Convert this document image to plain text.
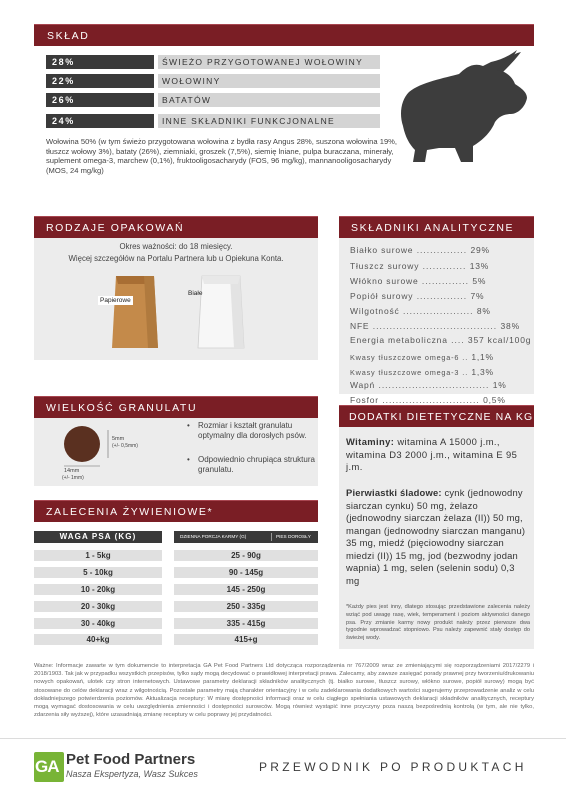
SKŁAD
28%	ŚWIEŻO PRZYGOTOWANEJ WOŁOWINY
22%	WOŁOWINY
26%	BATATÓW
24%	INNE SKŁADNIKI FUNKCJONALNE
Wołowina 50% (w tym świeżo przygotowana wołowina z bydła rasy Angus 28%, suszona wołowina 19%, tłuszcz wołowy 3%), bataty (26%), ziemniaki, groszek (7,5%), siemię lniane, pulpa buraczana, minerały, suplement omega-3, marchew (0,1%), fruktooligosacharydy (FOS, 96 mg/kg), mannanooligosacharydy (MOS, 24 mg/kg)
RODZAJE OPAKOWAŃ
Okres ważności: do 18 miesięcy.
Więcej szczegółów na Portalu Partnera lub u Opiekuna Konta.
Papierowe
Białe
WIELKOŚĆ GRANULATU
5mm
(+/- 0,5mm)
14mm
(+/- 1mm)
• Rozmiar i kształt granulatu optymalny dla dorosłych psów.
• Odpowiednio chrupiąca struktura granulatu.
ZALECENIA ŻYWIENIOWE*
WAGA PSA (KG)	DZIENNA PORCJA KARMY (G)	PIES DOROSŁY
1 - 5kg	25 - 90g
5 - 10kg	90 - 145g
10 - 20kg	145 - 250g
20 - 30kg	250 - 335g
30 - 40kg	335 - 415g
40+kg	415+g
SKŁADNIKI ANALITYCZNE
Białko surowe ............... 29%
Tłuszcz surowy ............. 13%
Włókno surowe .............. 5%
Popiół surowy ............... 7%
Wilgotność ..................... 8%
NFE ..................................... 38%
Energia metaboliczna .... 357 kcal/100g
Kwasy tłuszczowe omega-6 .. 1,1%
Kwasy tłuszczowe omega-3 .. 1,3%
Wapń ................................. 1%
Fosfor ............................. 0,5%
DODATKI DIETETYCZNE NA KG:
Witaminy: witamina A 15000 j.m., witamina D3 2000 j.m., witamina E 95 j.m.
Pierwiastki śladowe: cynk (jednowodny siarczan cynku) 50 mg, żelazo (jednowodny siarczan żelaza (II)) 50 mg, mangan (jednowodny siarczan manganu) 35 mg, miedź (pięciowodny siarczan miedzi (II)) 15 mg, jod (bezwodny jodan wapnia) 1 mg, selen (selenin sodu) 0,3 mg
*Każdy pies jest inny, dlatego stosując przedstawione zalecenia należy wziąć pod uwagę rasę, wiek, temperament i poziom aktywności danego psa. Przy zmianie karmy nowy produkt należy przez pierwsze dwa tygodnie wprowadzać stopniowo. Psu należy zapewnić stały dostęp do świeżej wody.
Ważne: Informacje zawarte w tym dokumencie to interpretacja GA Pet Food Partners Ltd dotycząca rozporządzenia nr 767/2009 wraz ze zmieniającymi się rozporządzeniami 2017/2279 i 2018/1903. Tak jak w przypadku wszystkich przepisów, tylko sądy mogą decydować o prawidłowej interpretacji prawa. Zalecamy, aby zawsze zasięgać porady prawnej przy tworzeniu/drukowaniu nowych opakowań, ulotek czy stron internetowych. Ustawowe parametry deklaracji składników analitycznych (tj. białko surowe, tłuszcz surowy, włókno surowe, popiół surowy) mogą być stosowane do celów deklaracji wraz z wilgotnością. Pozostałe parametry mają charakter orientacyjny i w celu zadeklarowania dodatkowych wartości sugerujemy przeprowadzenie analiz w celu dokładniejszego potwierdzenia poziomów. Aktualizacja receptury: W miarę dostępności informacji oraz w celu ciągłego spełniania ustawowych deklaracji składników analitycznych, receptury mogą wymagać dostosowania w celu uwzględnienia zmienności i dostępności surowców. Mogą również wystąpić inne przyczyny poza naszą bezpośrednią kontrolą (w tym, ale nie tylko, zdarzenia siły wyższej), które uzasadniają zmianę receptury w celu poprawy jej przydatności.
GA Pet Food Partners
Nasza Ekspertyza, Wasz Sukces	PRZEWODNIK PO PRODUKTACH
